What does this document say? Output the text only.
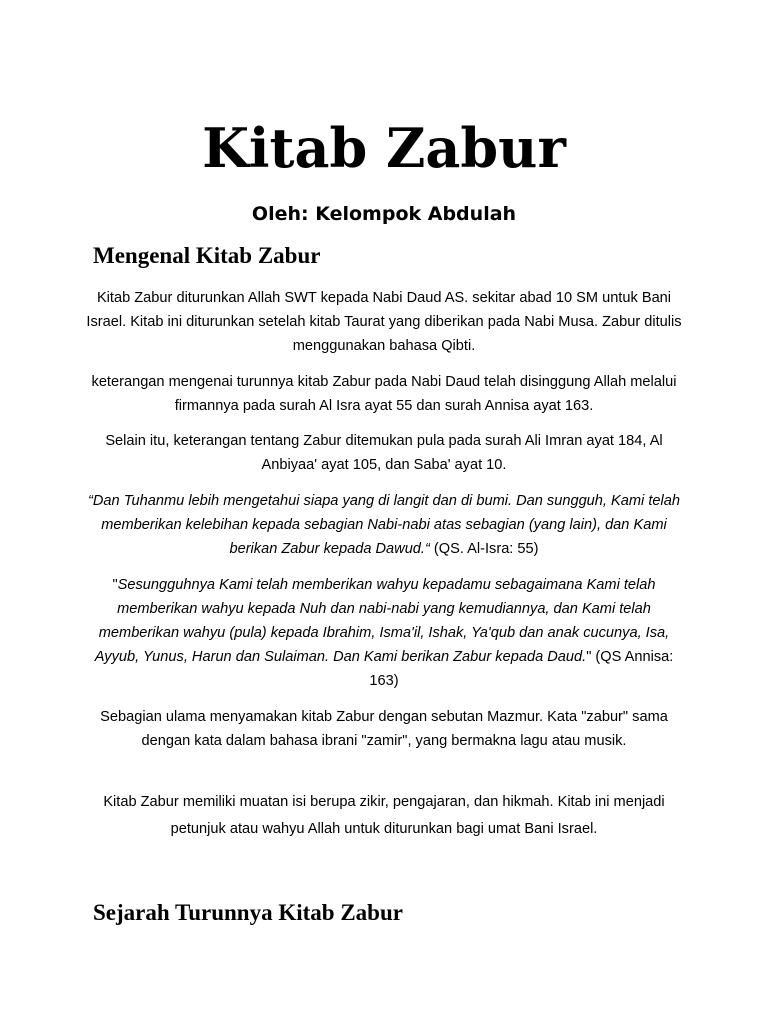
Kitab Zabur

Oleh: Kelompok Abdulah

Mengenal Kitab Zabur

Kitab Zabur diturunkan Allah SWT kepada Nabi Daud AS. sekitar abad 10 SM untuk Bani Israel. Kitab ini diturunkan setelah kitab Taurat yang diberikan pada Nabi Musa. Zabur ditulis menggunakan bahasa Qibti.

keterangan mengenai turunnya kitab Zabur pada Nabi Daud telah disinggung Allah melalui firmannya pada surah Al Isra ayat 55 dan surah Annisa ayat 163.

Selain itu, keterangan tentang Zabur ditemukan pula pada surah Ali Imran ayat 184, Al Anbiyaa' ayat 105, dan Saba' ayat 10.

“Dan Tuhanmu lebih mengetahui siapa yang di langit dan di bumi. Dan sungguh, Kami telah memberikan kelebihan kepada sebagian Nabi-nabi atas sebagian (yang lain), dan Kami berikan Zabur kepada Dawud.“ (QS. Al-Isra: 55)

"Sesungguhnya Kami telah memberikan wahyu kepadamu sebagaimana Kami telah memberikan wahyu kepada Nuh dan nabi-nabi yang kemudiannya, dan Kami telah memberikan wahyu (pula) kepada Ibrahim, Isma'il, Ishak, Ya'qub dan anak cucunya, Isa, Ayyub, Yunus, Harun dan Sulaiman. Dan Kami berikan Zabur kepada Daud." (QS Annisa: 163)

Sebagian ulama menyamakan kitab Zabur dengan sebutan Mazmur. Kata "zabur" sama dengan kata dalam bahasa ibrani "zamir", yang bermakna lagu atau musik.

Kitab Zabur memiliki muatan isi berupa zikir, pengajaran, dan hikmah. Kitab ini menjadi petunjuk atau wahyu Allah untuk diturunkan bagi umat Bani Israel.

Sejarah Turunnya Kitab Zabur
